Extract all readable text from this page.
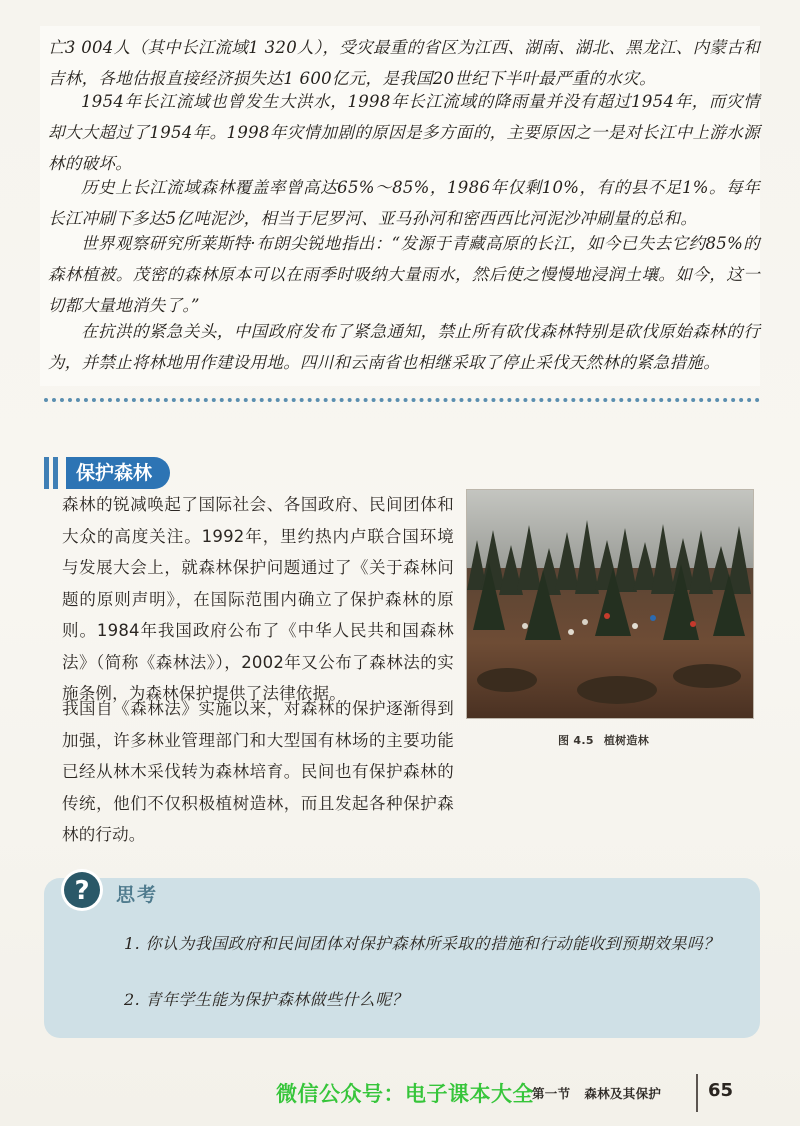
亡3 004人（其中长江流域1 320人），受灾最重的省区为江西、湖南、湖北、黑龙江、内蒙古和吉林，各地估报直接经济损失达1 600亿元，是我国20世纪下半叶最严重的水灾。

1954年长江流域也曾发生大洪水，1998年长江流域的降雨量并没有超过1954年，而灾情却大大超过了1954年。1998年灾情加剧的原因是多方面的，主要原因之一是对长江中上游水源林的破坏。

历史上长江流域森林覆盖率曾高达65%～85%，1986年仅剩10%，有的县不足1%。每年长江冲刷下多达5亿吨泥沙，相当于尼罗河、亚马孙河和密西西比河泥沙冲刷量的总和。

世界观察研究所莱斯特·布朗尖锐地指出：“发源于青藏高原的长江，如今已失去它约85%的森林植被。茂密的森林原本可以在雨季时吸纳大量雨水，然后使之慢慢地浸润土壤。如今，这一切都大量地消失了。”

在抗洪的紧急关头，中国政府发布了紧急通知，禁止所有砍伐森林特别是砍伐原始森林的行为，并禁止将林地用作建设用地。四川和云南省也相继采取了停止采伐天然林的紧急措施。

保护森林

森林的锐减唤起了国际社会、各国政府、民间团体和大众的高度关注。1992年，里约热内卢联合国环境与发展大会上，就森林保护问题通过了《关于森林问题的原则声明》，在国际范围内确立了保护森林的原则。1984年我国政府公布了《中华人民共和国森林法》（简称《森林法》），2002年又公布了森林法的实施条例，为森林保护提供了法律依据。

我国自《森林法》实施以来，对森林的保护逐渐得到加强，许多林业管理部门和大型国有林场的主要功能已经从林木采伐转为森林培育。民间也有保护森林的传统，他们不仅积极植树造林，而且发起各种保护森林的行动。

图 4.5 植树造林
? 思考

1. 你认为我国政府和民间团体对保护森林所采取的措施和行动能收到预期效果吗？

2. 青年学生能为保护森林做些什么呢？

微信公众号：电子课本大全
第一节 森林及其保护	65
